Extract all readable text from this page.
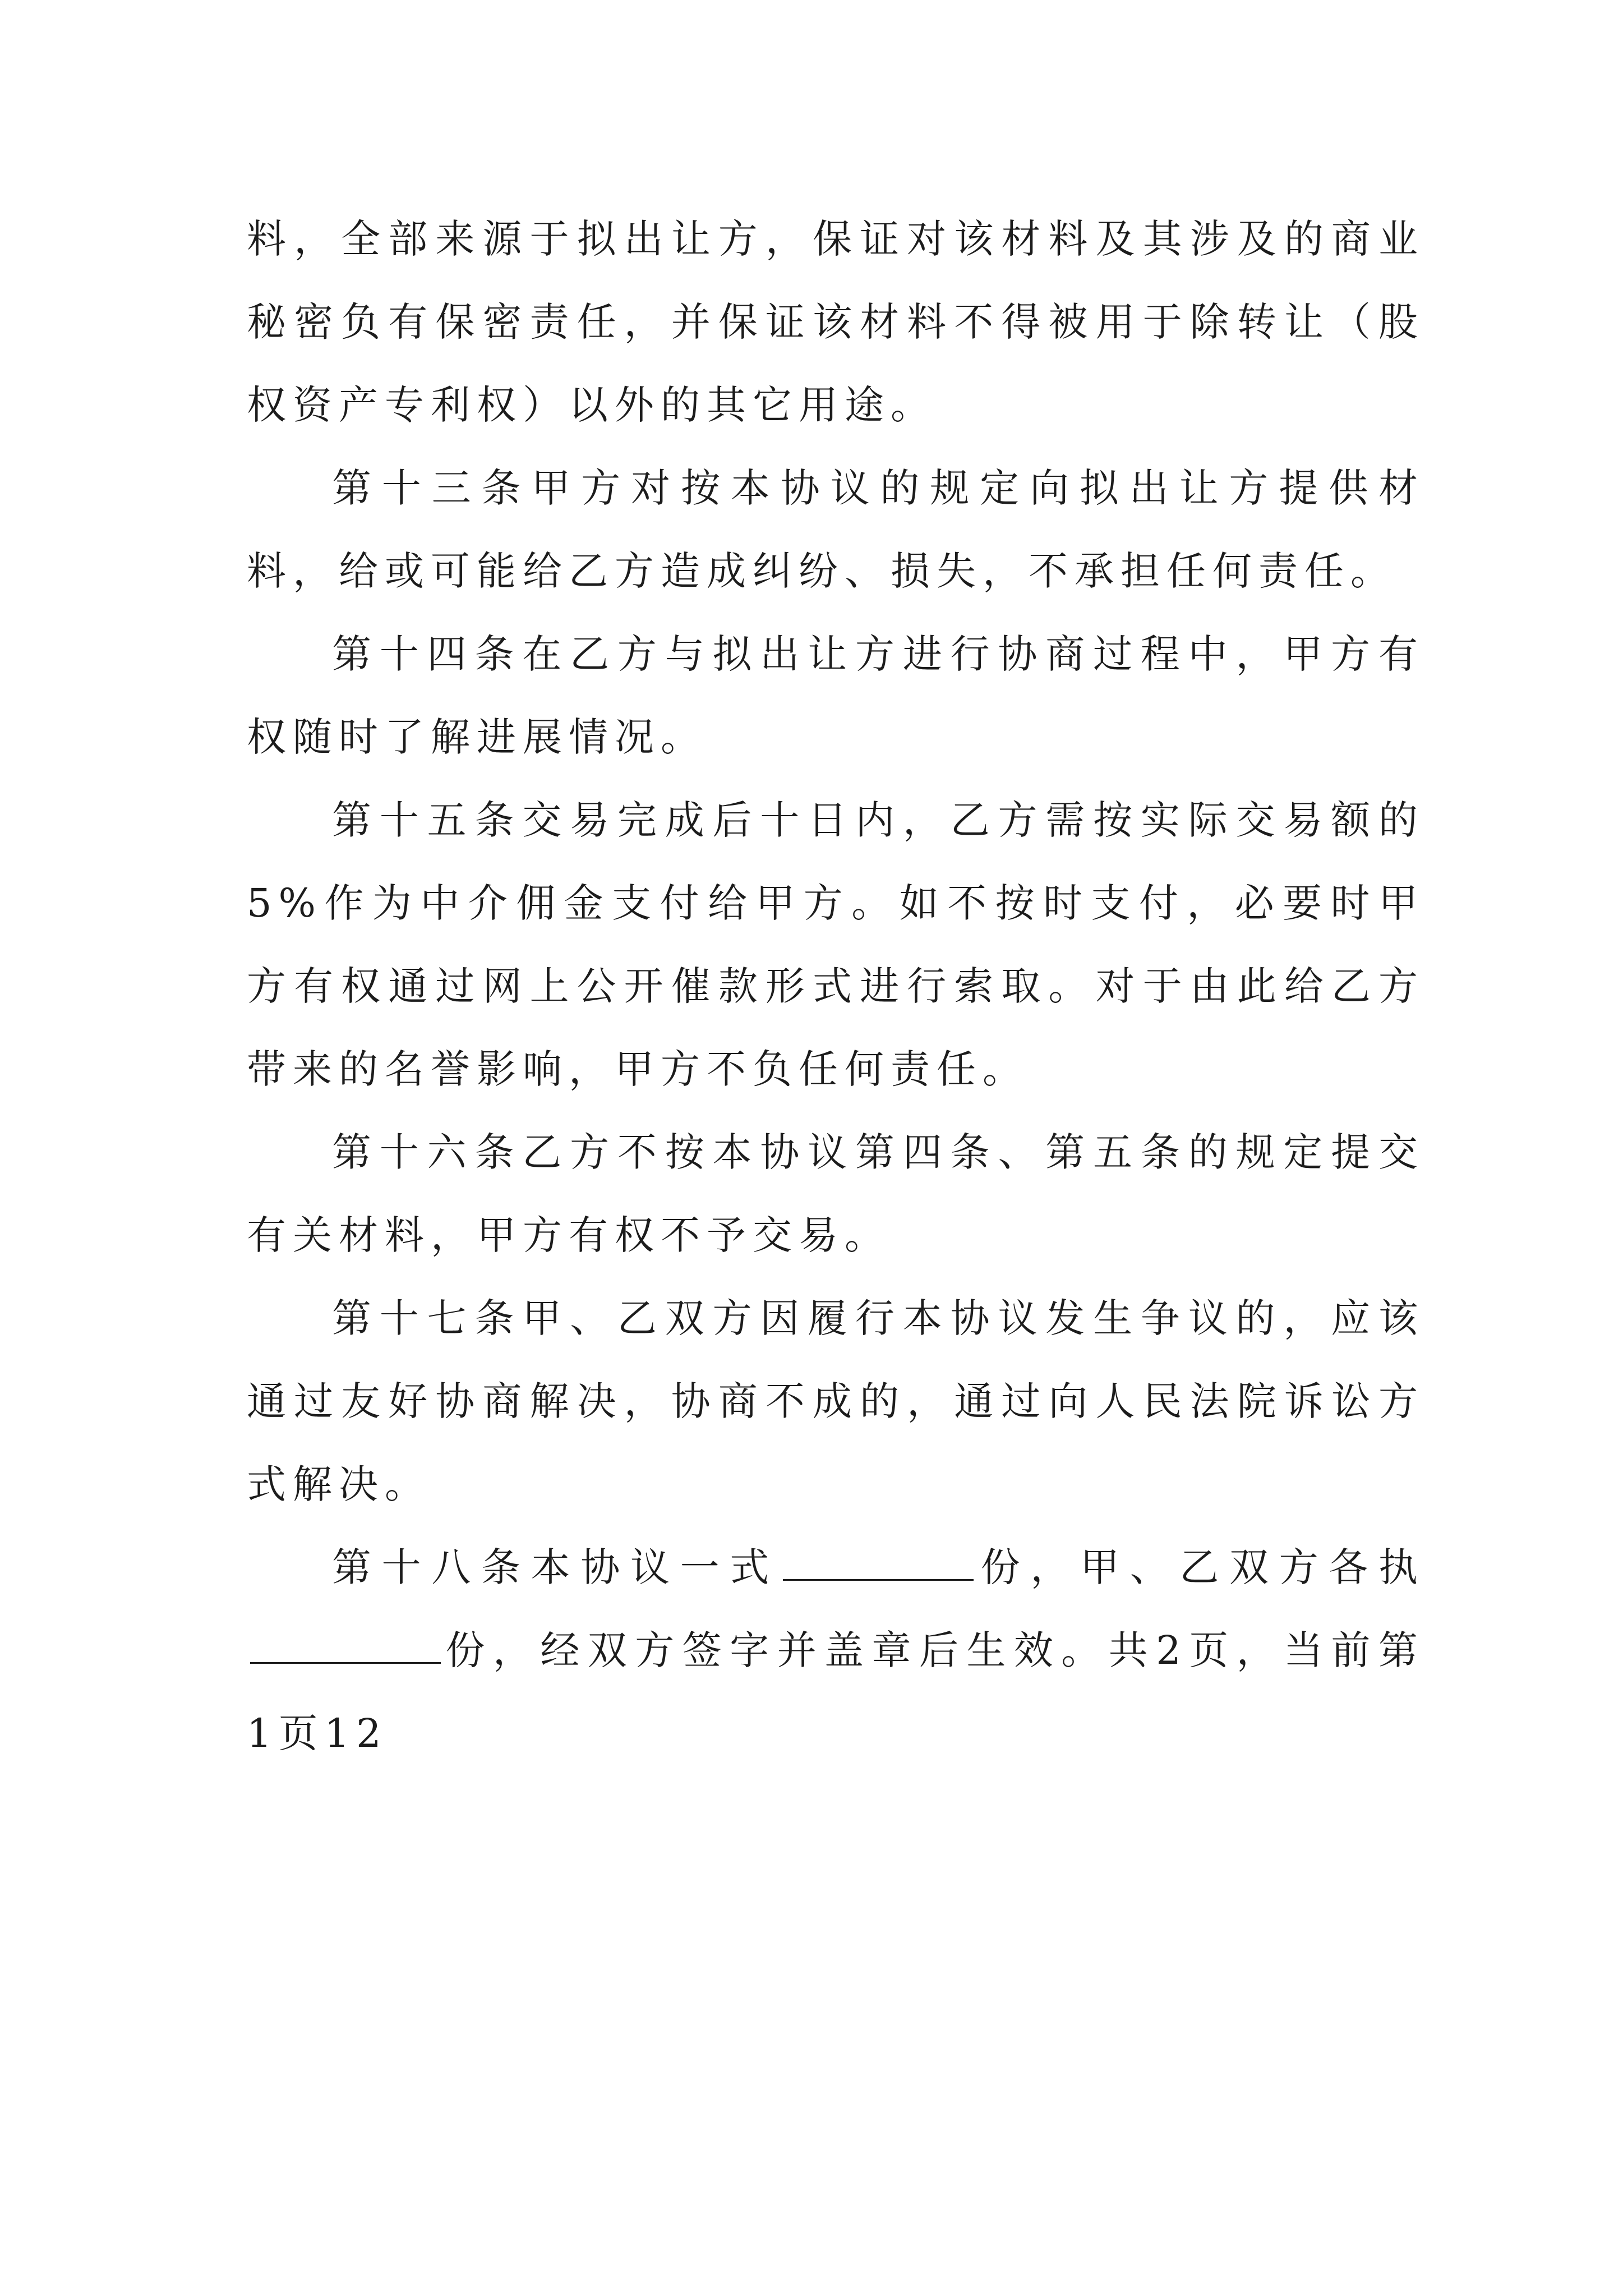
料，全部来源于拟出让方，保证对该材料及其涉及的商业秘密负有保密责任，并保证该材料不得被用于除转让（股权资产专利权）以外的其它用途。

第十三条甲方对按本协议的规定向拟出让方提供材料，给或可能给乙方造成纠纷、损失，不承担任何责任。

第十四条在乙方与拟出让方进行协商过程中，甲方有权随时了解进展情况。

第十五条交易完成后十日内，乙方需按实际交易额的5%作为中介佣金支付给甲方。如不按时支付，必要时甲方有权通过网上公开催款形式进行索取。对于由此给乙方带来的名誉影响，甲方不负任何责任。

第十六条乙方不按本协议第四条、第五条的规定提交有关材料，甲方有权不予交易。

第十七条甲、乙双方因履行本协议发生争议的，应该通过友好协商解决，协商不成的，通过向人民法院诉讼方式解决。

第十八条本协议一式	份，甲、乙双方各执份，经双方签字并盖章后生效。共2页，当前第1页12
